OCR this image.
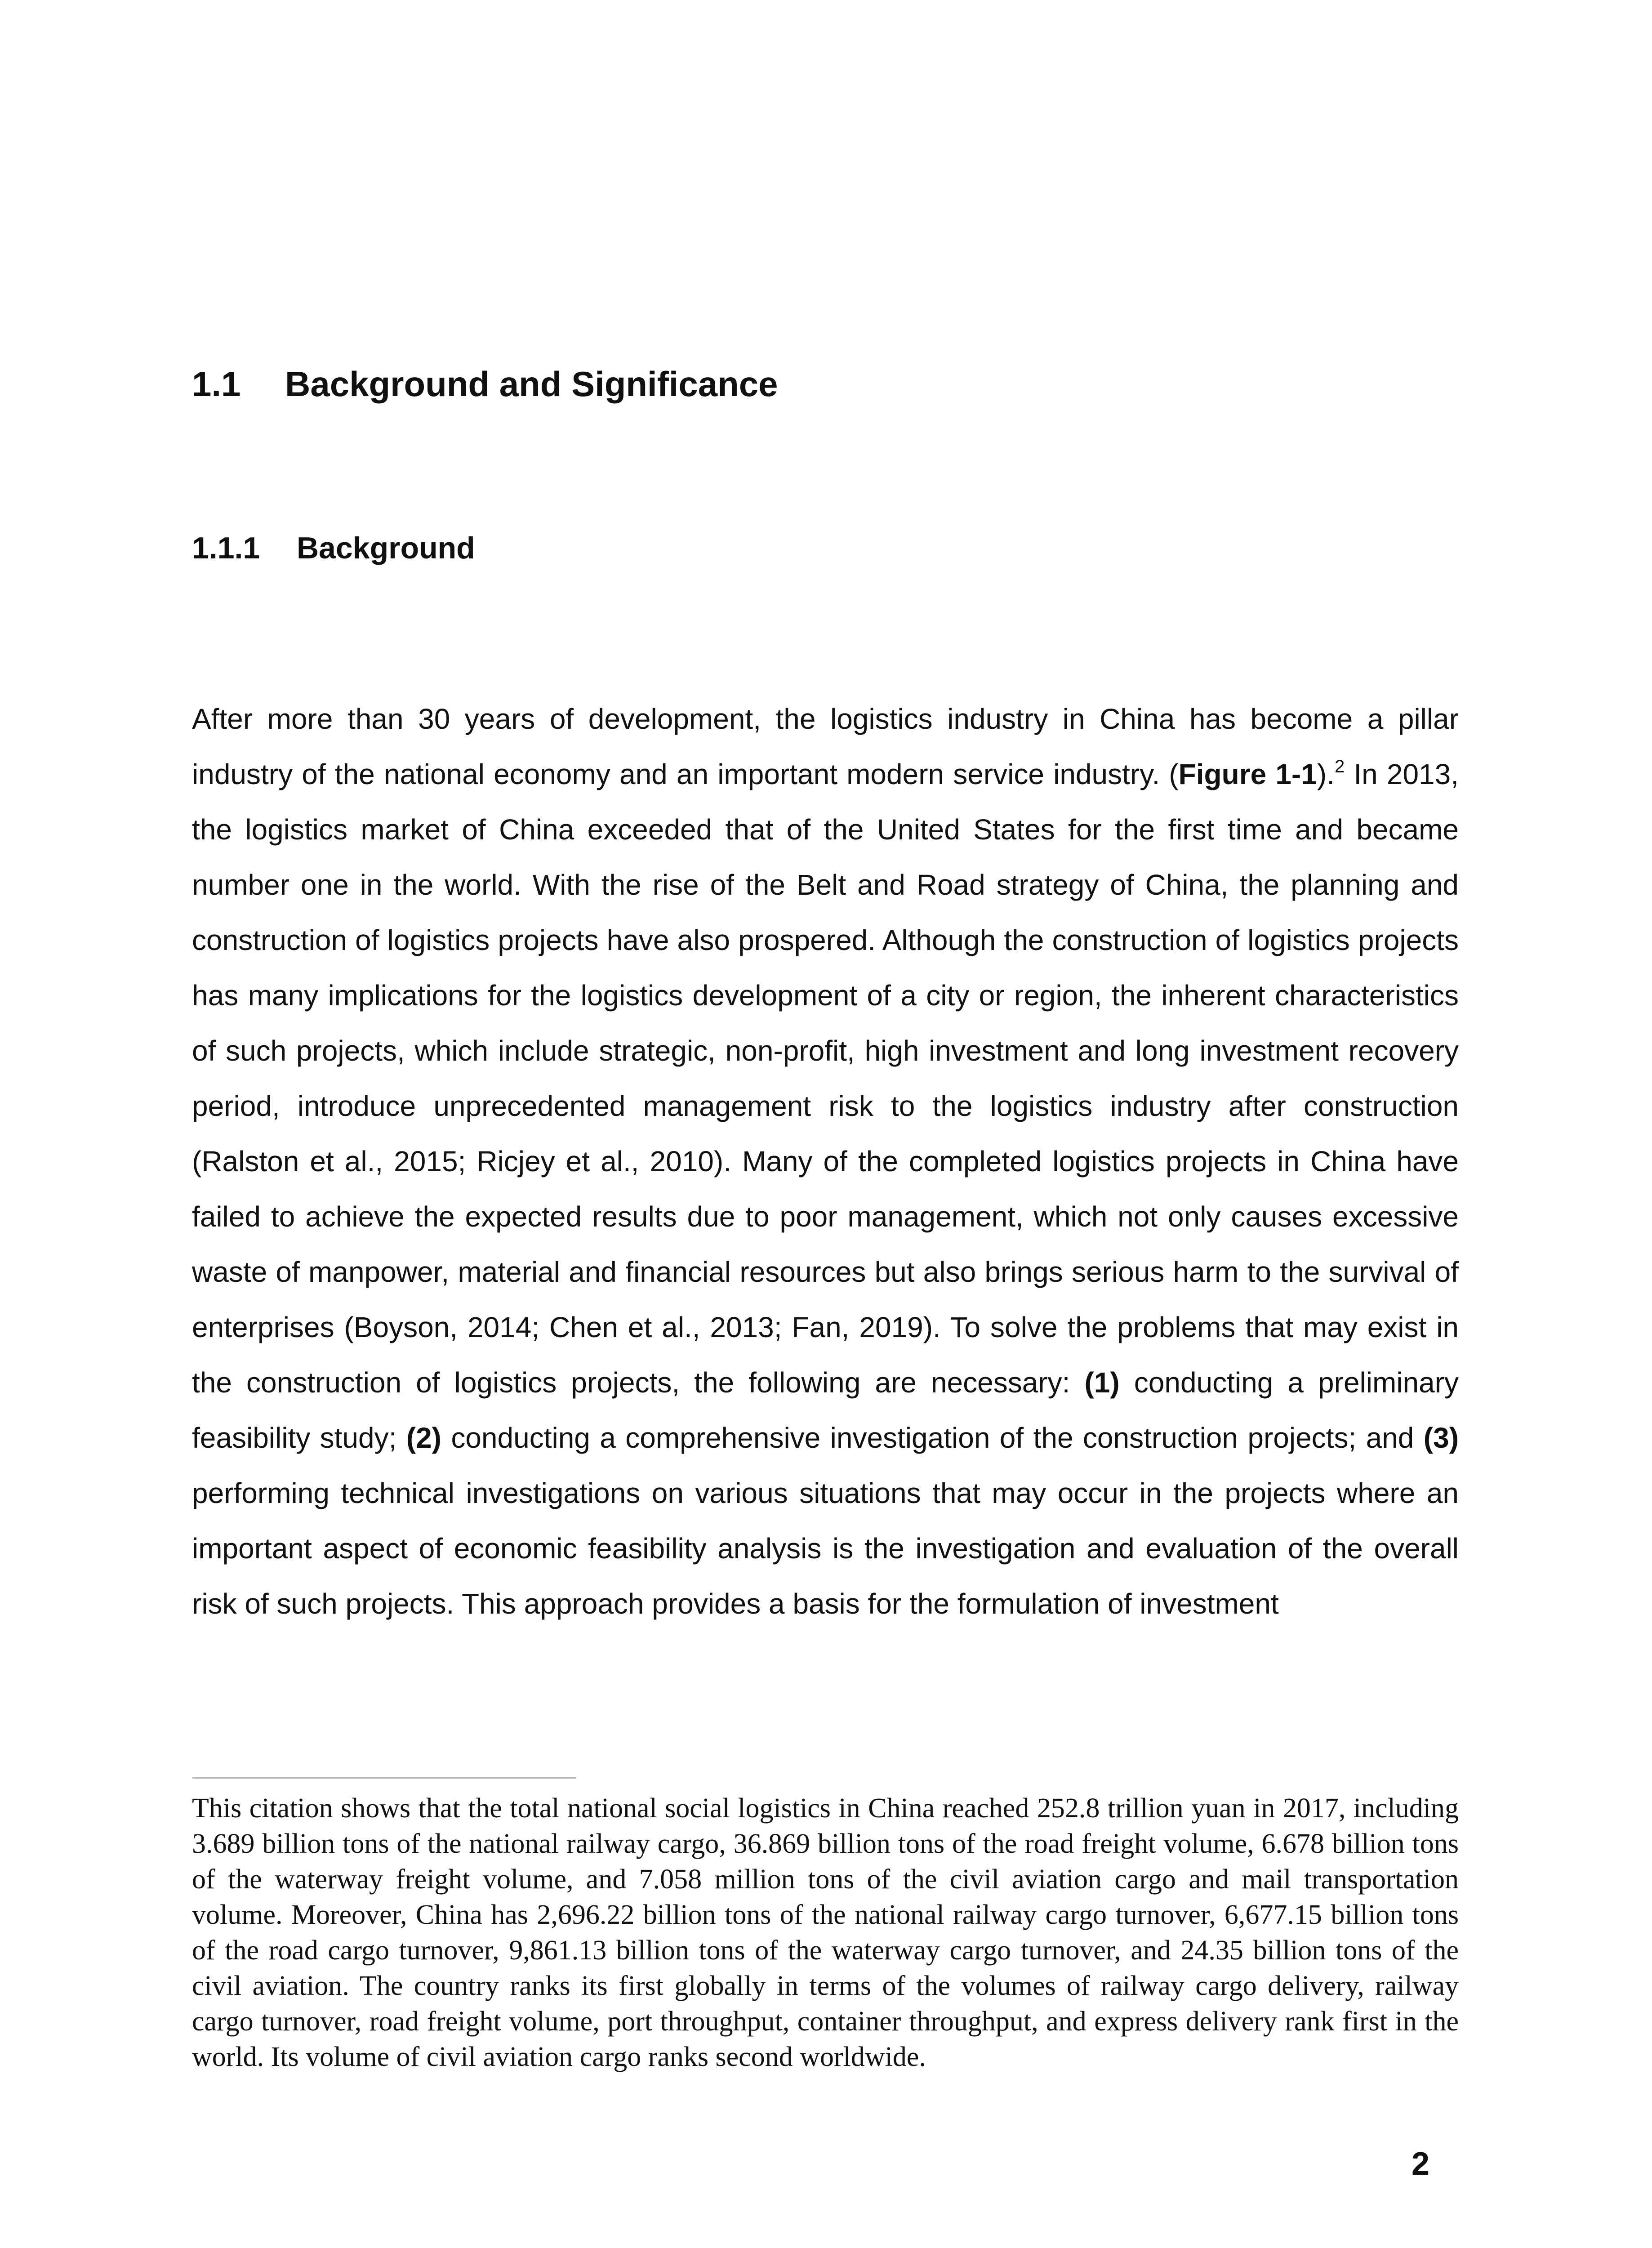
1.1 Background and Significance
1.1.1 Background

After more than 30 years of development, the logistics industry in China has become a pillar industry of the national economy and an important modern service industry. (Figure 1-1).$^2$ In 2013, the logistics market of China exceeded that of the United States for the first time and became number one in the world. With the rise of the Belt and Road strategy of China, the planning and construction of logistics projects have also prospered. Although the construction of logistics projects has many implications for the logistics development of a city or region, the inherent characteristics of such projects, which include strategic, non-profit, high investment and long investment recovery period, introduce unprecedented management risk to the logistics industry after construction (Ralston et al., 2015; Ricjey et al., 2010). Many of the completed logistics projects in China have failed to achieve the expected results due to poor management, which not only causes excessive waste of manpower, material and financial resources but also brings serious harm to the survival of enterprises (Boyson, 2014; Chen et al., 2013; Fan, 2019). To solve the problems that may exist in the construction of logistics projects, the following are necessary: (1) conducting a preliminary feasibility study; (2) conducting a comprehensive investigation of the construction projects; and (3) performing technical investigations on various situations that may occur in the projects where an important aspect of economic feasibility analysis is the investigation and evaluation of the overall risk of such projects. This approach provides a basis for the formulation of investment

This citation shows that the total national social logistics in China reached 252.8 trillion yuan in 2017, including 3.689 billion tons of the national railway cargo, 36.869 billion tons of the road freight volume, 6.678 billion tons of the waterway freight volume, and 7.058 million tons of the civil aviation cargo and mail transportation volume. Moreover, China has 2,696.22 billion tons of the national railway cargo turnover, 6,677.15 billion tons of the road cargo turnover, 9,861.13 billion tons of the waterway cargo turnover, and 24.35 billion tons of the civil aviation. The country ranks its first globally in terms of the volumes of railway cargo delivery, railway cargo turnover, road freight volume, port throughput, container throughput, and express delivery rank first in the world. Its volume of civil aviation cargo ranks second worldwide.

2
